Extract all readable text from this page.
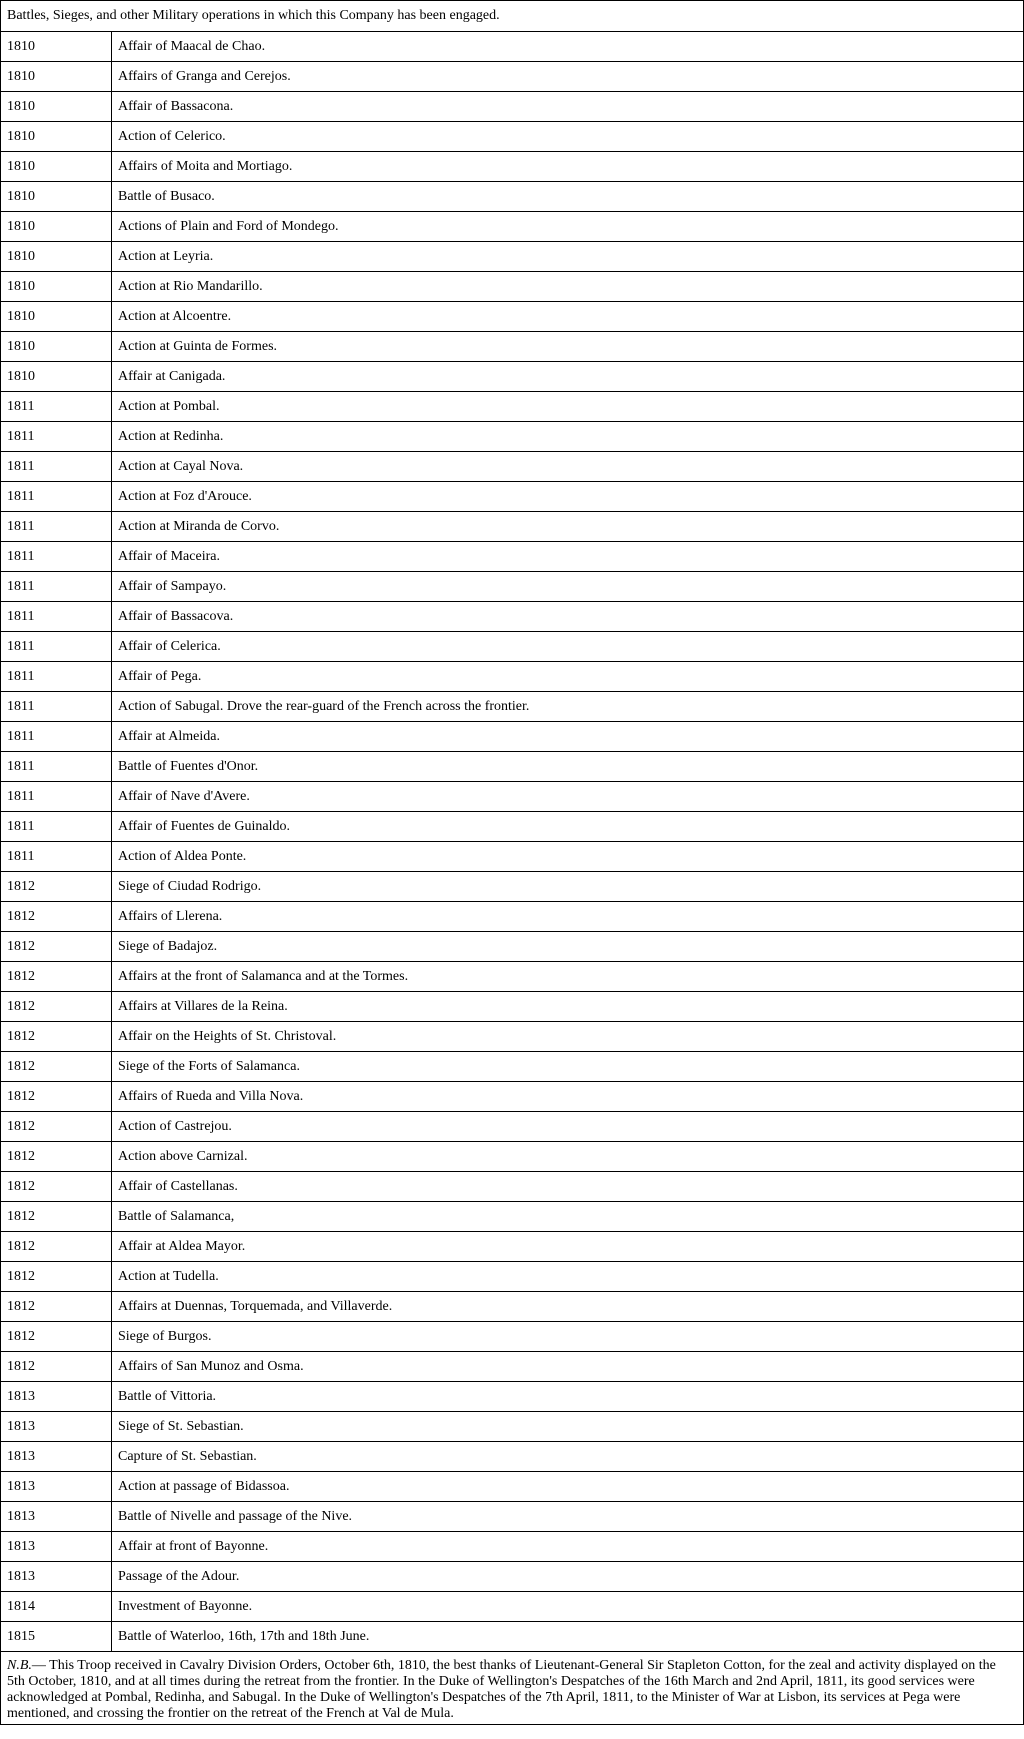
Battles, Sieges, and other Military operations in which this Company has been engaged.	
1810	Affair of Maacal de Chao.
1810	Affairs of Granga and Cerejos.
1810	Affair of Bassacona.
1810	Action of Celerico.
1810	Affairs of Moita and Mortiago.
1810	Battle of Busaco.
1810	Actions of Plain and Ford of Mondego.
1810	Action at Leyria.
1810	Action at Rio Mandarillo.
1810	Action at Alcoentre.
1810	Action at Guinta de Formes.
1810	Affair at Canigada.
1811	Action at Pombal.
1811	Action at Redinha.
1811	Action at Cayal Nova.
1811	Action at Foz d'Arouce.
1811	Action at Miranda de Corvo.
1811	Affair of Maceira.
1811	Affair of Sampayo.
1811	Affair of Bassacova.
1811	Affair of Celerica.
1811	Affair of Pega.
1811	Action of Sabugal. Drove the rear-guard of the French across the frontier.
1811	Affair at Almeida.
1811	Battle of Fuentes d'Onor.
1811	Affair of Nave d'Avere.
1811	Affair of Fuentes de Guinaldo.
1811	Action of Aldea Ponte.
1812	Siege of Ciudad Rodrigo.
1812	Affairs of Llerena.
1812	Siege of Badajoz.
1812	Affairs at the front of Salamanca and at the Tormes.
1812	Affairs at Villares de la Reina.
1812	Affair on the Heights of St. Christoval.
1812	Siege of the Forts of Salamanca.
1812	Affairs of Rueda and Villa Nova.
1812	Action of Castrejou.
1812	Action above Carnizal.
1812	Affair of Castellanas.
1812	Battle of Salamanca,
1812	Affair at Aldea Mayor.
1812	Action at Tudella.
1812	Affairs at Duennas, Torquemada, and Villaverde.
1812	Siege of Burgos.
1812	Affairs of San Munoz and Osma.
1813	Battle of Vittoria.
1813	Siege of St. Sebastian.
1813	Capture of St. Sebastian.
1813	Action at passage of Bidassoa.
1813	Battle of Nivelle and passage of the Nive.
1813	Affair at front of Bayonne.
1813	Passage of the Adour.
1814	Investment of Bayonne.
1815	Battle of Waterloo, 16th, 17th and 18th June.
N.B.— This Troop received in Cavalry Division Orders, October 6th, 1810, the best thanks of Lieutenant-General Sir Stapleton Cotton, for the zeal and activity displayed on the 5th October, 1810, and at all times during the retreat from the frontier. In the Duke of Wellington's Despatches of the 16th March and 2nd April, 1811, its good services were acknowledged at Pombal, Redinha, and Sabugal. In the Duke of Wellington's Despatches of the 7th April, 1811, to the Minister of War at Lisbon, its services at Pega were mentioned, and crossing the frontier on the retreat of the French at Val de Mula.	
